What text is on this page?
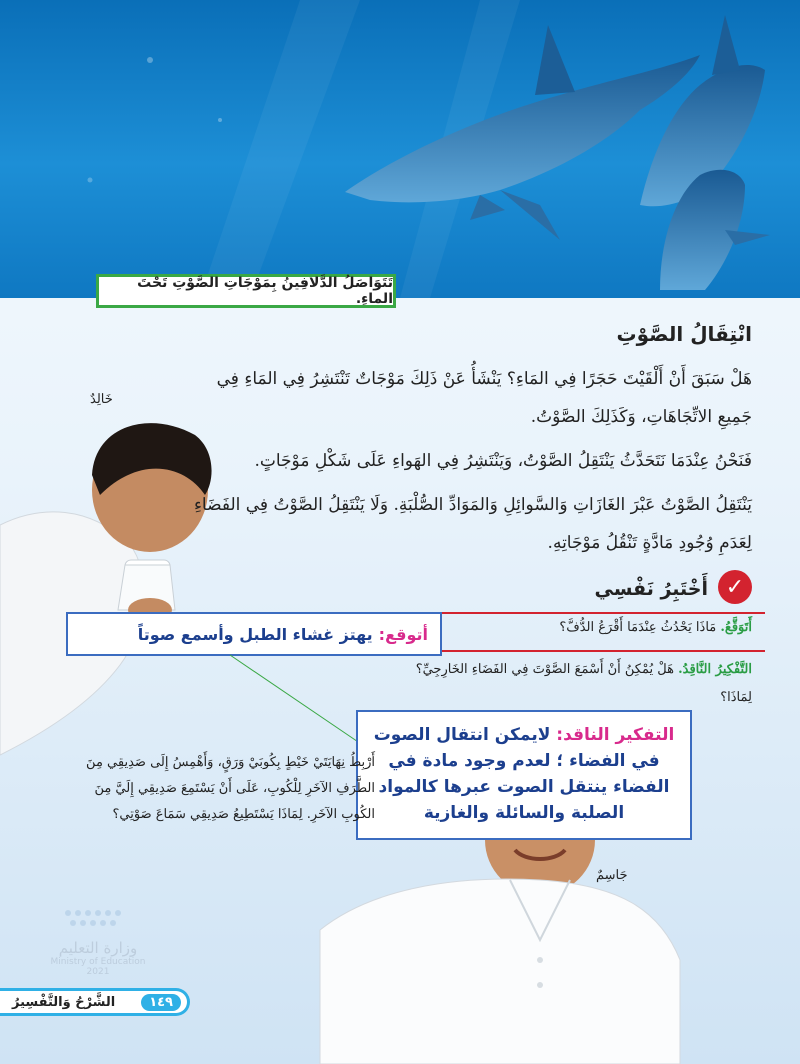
تَتَوَاصَلُ الدَّلافِينُ بِمَوْجَاتِ الصَّوْتِ تَحْتَ الماءِ.
خَالِدٌ
جَاسِمٌ
انْتِقَالُ الصَّوْتِ
هَلْ سَبَقَ أَنْ أَلْقَيْتَ حَجَرًا فِي المَاءِ؟ يَنْشَأُ عَنْ ذَلِكَ مَوْجَاتٌ تَنْتَشِرُ فِي المَاءِ فِي جَمِيعِ الاتِّجَاهَاتِ، وَكَذَلِكَ الصَّوْتُ.
فَنَحْنُ عِنْدَمَا نَتَحَدَّثُ يَنْتَقِلُ الصَّوْتُ، وَيَنْتَشِرُ فِي الهَواءِ عَلَى شَكْلِ مَوْجَاتٍ.
يَنْتَقِلُ الصَّوْتُ عَبْرَ الغَازَاتِ وَالسَّوائِلِ وَالمَوَادِّ الصُّلْبَةِ. وَلَا يَنْتَقِلُ الصَّوْتُ فِي الفَضَاءِ لِعَدَمِ وُجُودِ مَادَّةٍ تَنْقُلُ مَوْجَاتِهِ.
✓
أَخْتَبِرُ نَفْسِي
أَتَوَقَّعُ. مَاذَا يَحْدُثُ عِنْدَمَا أَقْرَعُ الدُّفَّ؟
التَّفْكِيرُ النَّاقِدُ. هَلْ يُمْكِنُ أَنْ أَسْمَعَ الصَّوْتَ فِي الفَضَاءِ الخَارِجِيِّ؟
لِمَاذَا؟
أتوقع:
يهتز غشاء الطبل وأسمع صوتاً
التفكير الناقد: لايمكن انتقال الصوت في الفضاء ؛ لعدم وجود مادة في الفضاء ينتقل الصوت عبرها كالمواد الصلبة والسائلة والغازية
أَرْبِطُ نِهَايَتَيْ خَيْطٍ بِكُوبَيْ وَرَقٍ، وَأَهْمِسُ إِلَى صَدِيقِي مِنَ الطَّرَفِ الآخَرِ لِلْكُوبِ، عَلَى أَنْ يَسْتَمِعَ صَدِيقِي إِلَيَّ مِنَ الكُوبِ الآخَرِ. لِمَاذَا يَسْتَطِيعُ صَدِيقِي سَمَاعَ صَوْتِي؟
وزارة التعليم
Ministry of Education
2021
الشَّرْحُ وَالتَّفْسِيرُ	١٤٩
